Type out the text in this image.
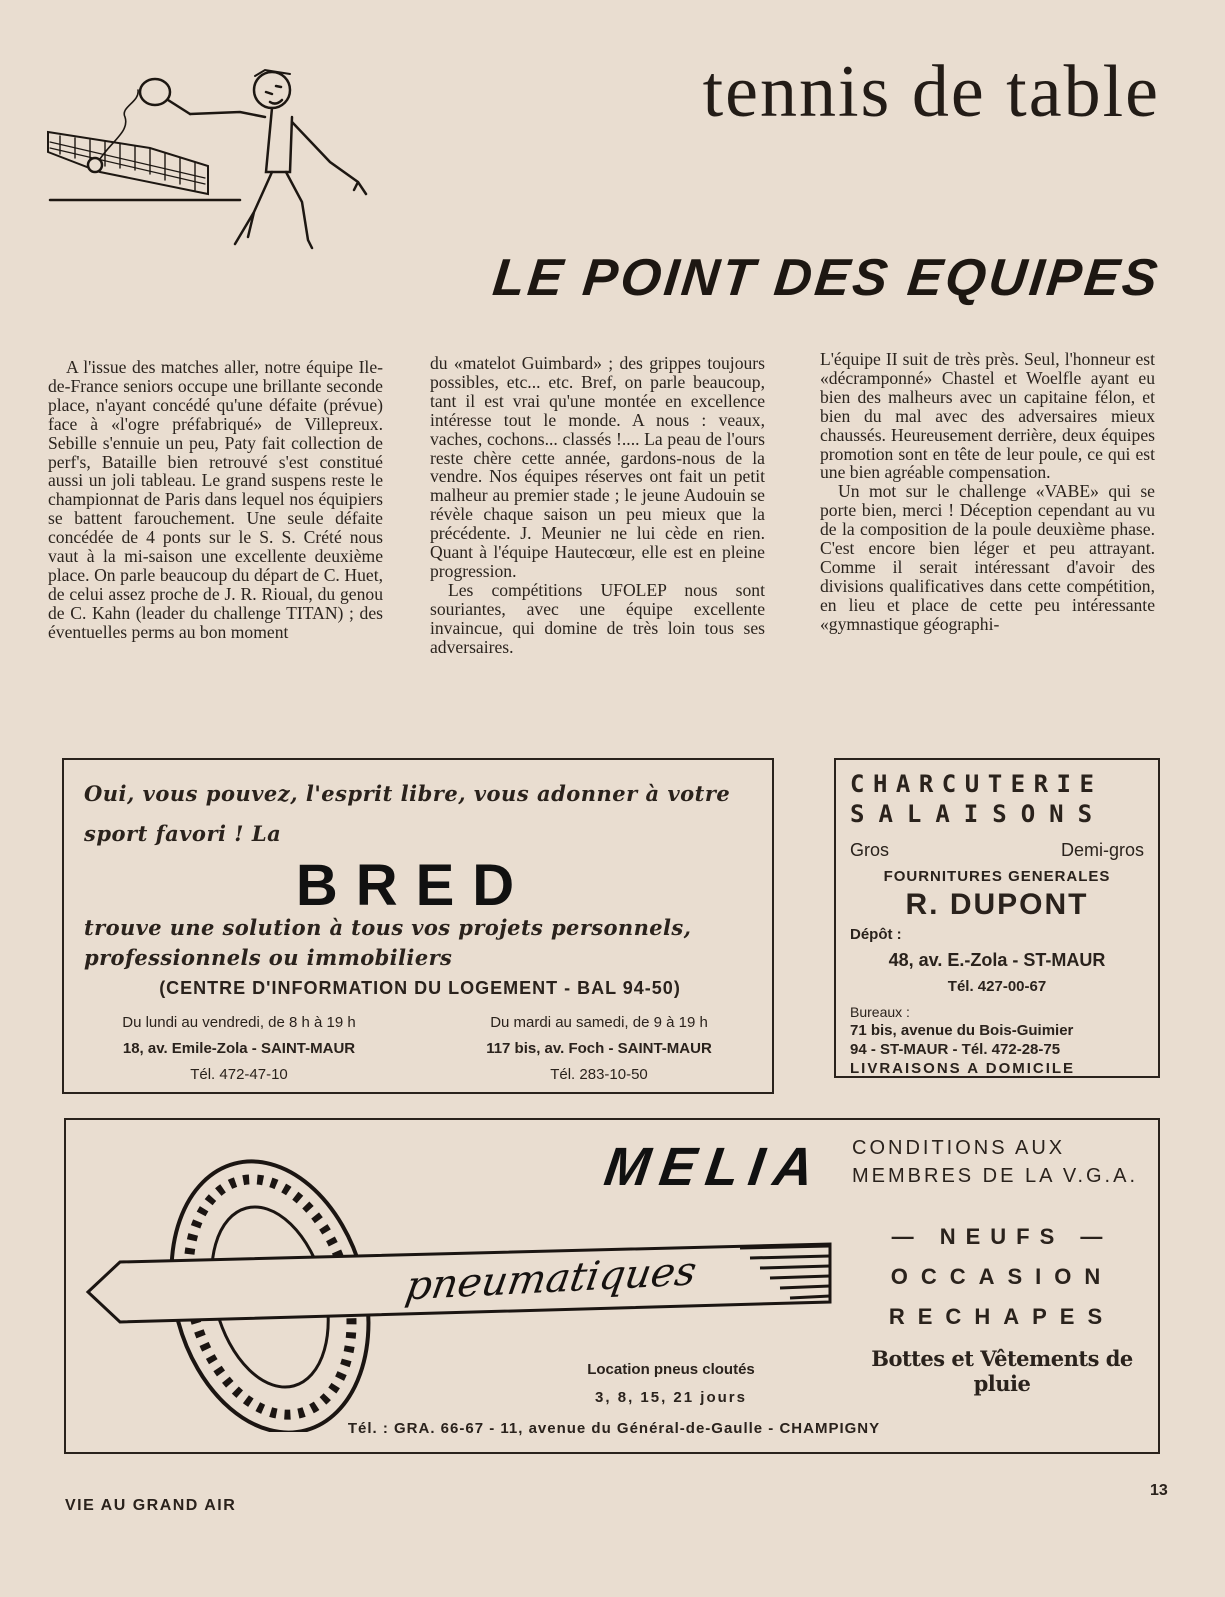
tennis de table
LE POINT DES EQUIPES

A l'issue des matches aller, notre équipe Ile-de-France seniors occupe une brillante seconde place, n'ayant concédé qu'une défaite (prévue) face à «l'ogre préfabriqué» de Villepreux. Sebille s'ennuie un peu, Paty fait collection de perf's, Bataille bien retrouvé s'est constitué aussi un joli tableau. Le grand suspens reste le championnat de Paris dans lequel nos équipiers se battent farouchement. Une seule défaite concédée de 4 ponts sur le S. S. Crété nous vaut à la mi-saison une excellente deuxième place. On parle beaucoup du départ de C. Huet, de celui assez proche de J. R. Rioual, du genou de C. Kahn (leader du challenge TITAN) ; des éventuelles perms au bon moment

du «matelot Guimbard» ; des grippes toujours possibles, etc... etc. Bref, on parle beaucoup, tant il est vrai qu'une montée en excellence intéresse tout le monde. A nous : veaux, vaches, cochons... classés !.... La peau de l'ours reste chère cette année, gardons-nous de la vendre. Nos équipes réserves ont fait un petit malheur au premier stade ; le jeune Audouin se révèle chaque saison un peu mieux que la précédente. J. Meunier ne lui cède en rien. Quant à l'équipe Hautecœur, elle est en pleine progression.

Les compétitions UFOLEP nous sont souriantes, avec une équipe excellente invaincue, qui domine de très loin tous ses adversaires.

L'équipe II suit de très près. Seul, l'honneur est «décramponné» Chastel et Woelfle ayant eu bien des malheurs avec un capitaine félon, et bien du mal avec des adversaires mieux chaussés. Heureusement derrière, deux équipes promotion sont en tête de leur poule, ce qui est une bien agréable compensation.

Un mot sur le challenge «VABE» qui se porte bien, merci ! Déception cependant au vu de la composition de la poule deuxième phase. C'est encore bien léger et peu attrayant. Comme il serait intéressant d'avoir des divisions qualificatives dans cette compétition, en lieu et place de cette peu intéressante «gymnastique géographi-

Oui, vous pouvez, l'esprit libre, vous adonner à votre sport favori ! La
BRED
trouve une solution à tous vos projets personnels, professionnels ou immobiliers
(CENTRE D'INFORMATION DU LOGEMENT - BAL 94-50)
Du lundi au vendredi, de 8 h à 19 h
18, av. Emile-Zola - SAINT-MAUR
Tél. 472-47-10
Du mardi au samedi, de 9 à 19 h
117 bis, av. Foch - SAINT-MAUR
Tél. 283-10-50
CHARCUTERIE
SALAISONS
Gros	Demi-gros
FOURNITURES GENERALES
R. DUPONT
Dépôt :
48, av. E.-Zola - ST-MAUR
Tél. 427-00-67
Bureaux :
71 bis, avenue du Bois-Guimier
94 - ST-MAUR - Tél. 472-28-75
LIVRAISONS A DOMICILE
pneumatiques
MELIA	CONDITIONS AUX MEMBRES DE LA V.G.A.
— NEUFS —
OCCASION
RECHAPES
Bottes et Vêtements de pluie
Location pneus cloutés
3, 8, 15, 21 jours
Tél. : GRA. 66-67 - 11, avenue du Général-de-Gaulle - CHAMPIGNY
VIE AU GRAND AIR
13
